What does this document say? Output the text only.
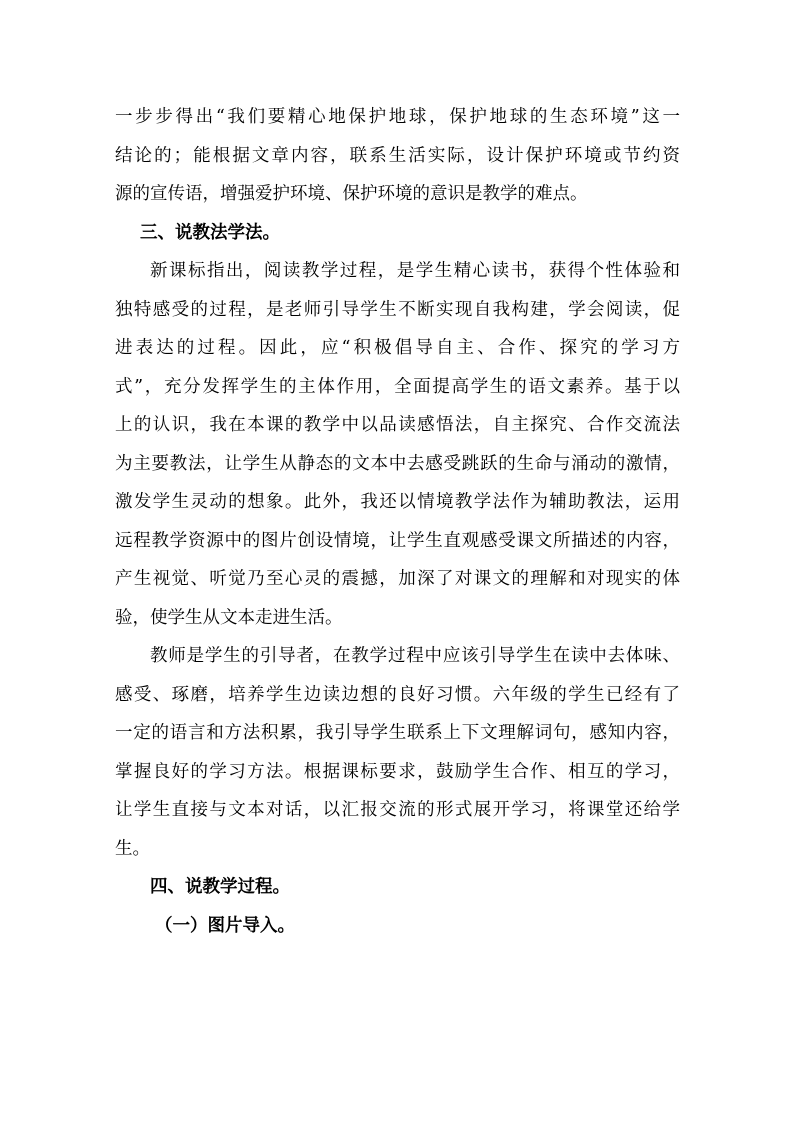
一步步得出“我们要精心地保护地球，保护地球的生态环境”这一
结论的；能根据文章内容，联系生活实际，设计保护环境或节约资
源的宣传语，增强爱护环境、保护环境的意识是教学的难点。
三、说教法学法。
新课标指出，阅读教学过程，是学生精心读书，获得个性体验和
独特感受的过程，是老师引导学生不断实现自我构建，学会阅读，促
进表达的过程。因此，应“积极倡导自主、合作、探究的学习方
式”，充分发挥学生的主体作用，全面提高学生的语文素养。基于以
上的认识，我在本课的教学中以品读感悟法，自主探究、合作交流法
为主要教法，让学生从静态的文本中去感受跳跃的生命与涌动的激情，
激发学生灵动的想象。此外，我还以情境教学法作为辅助教法，运用
远程教学资源中的图片创设情境，让学生直观感受课文所描述的内容，
产生视觉、听觉乃至心灵的震撼，加深了对课文的理解和对现实的体
验，使学生从文本走进生活。
教师是学生的引导者，在教学过程中应该引导学生在读中去体味、
感受、琢磨，培养学生边读边想的良好习惯。六年级的学生已经有了
一定的语言和方法积累，我引导学生联系上下文理解词句，感知内容，
掌握良好的学习方法。根据课标要求，鼓励学生合作、相互的学习，
让学生直接与文本对话，以汇报交流的形式展开学习，将课堂还给学
生。
四、说教学过程。
（一）图片导入。
